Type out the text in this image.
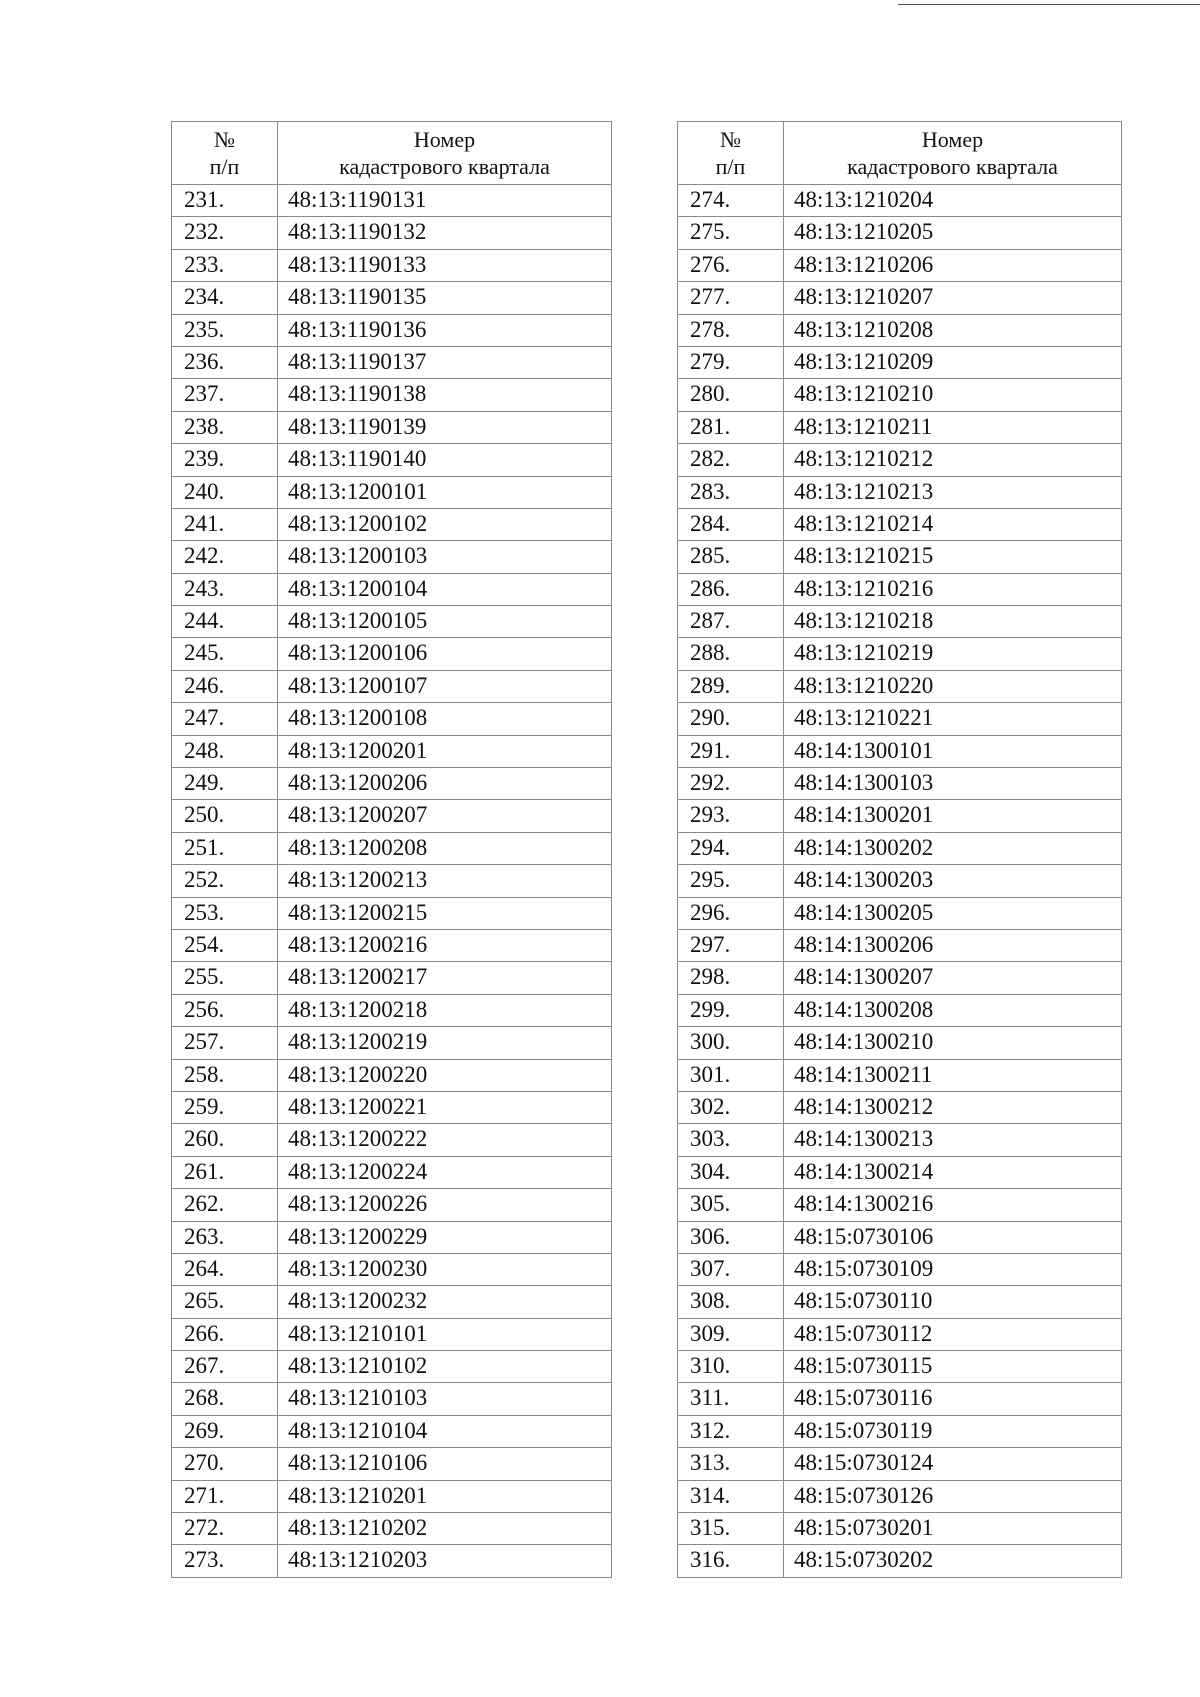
№
п/п	Номер
кадастрового квартала

231.	48:13:1190131
232.	48:13:1190132
233.	48:13:1190133
234.	48:13:1190135
235.	48:13:1190136
236.	48:13:1190137
237.	48:13:1190138
238.	48:13:1190139
239.	48:13:1190140
240.	48:13:1200101
241.	48:13:1200102
242.	48:13:1200103
243.	48:13:1200104
244.	48:13:1200105
245.	48:13:1200106
246.	48:13:1200107
247.	48:13:1200108
248.	48:13:1200201
249.	48:13:1200206
250.	48:13:1200207
251.	48:13:1200208
252.	48:13:1200213
253.	48:13:1200215
254.	48:13:1200216
255.	48:13:1200217
256.	48:13:1200218
257.	48:13:1200219
258.	48:13:1200220
259.	48:13:1200221
260.	48:13:1200222
261.	48:13:1200224
262.	48:13:1200226
263.	48:13:1200229
264.	48:13:1200230
265.	48:13:1200232
266.	48:13:1210101
267.	48:13:1210102
268.	48:13:1210103
269.	48:13:1210104
270.	48:13:1210106
271.	48:13:1210201
272.	48:13:1210202
273.	48:13:1210203
№
п/п	Номер
кадастрового квартала

274.	48:13:1210204
275.	48:13:1210205
276.	48:13:1210206
277.	48:13:1210207
278.	48:13:1210208
279.	48:13:1210209
280.	48:13:1210210
281.	48:13:1210211
282.	48:13:1210212
283.	48:13:1210213
284.	48:13:1210214
285.	48:13:1210215
286.	48:13:1210216
287.	48:13:1210218
288.	48:13:1210219
289.	48:13:1210220
290.	48:13:1210221
291.	48:14:1300101
292.	48:14:1300103
293.	48:14:1300201
294.	48:14:1300202
295.	48:14:1300203
296.	48:14:1300205
297.	48:14:1300206
298.	48:14:1300207
299.	48:14:1300208
300.	48:14:1300210
301.	48:14:1300211
302.	48:14:1300212
303.	48:14:1300213
304.	48:14:1300214
305.	48:14:1300216
306.	48:15:0730106
307.	48:15:0730109
308.	48:15:0730110
309.	48:15:0730112
310.	48:15:0730115
311.	48:15:0730116
312.	48:15:0730119
313.	48:15:0730124
314.	48:15:0730126
315.	48:15:0730201
316.	48:15:0730202
